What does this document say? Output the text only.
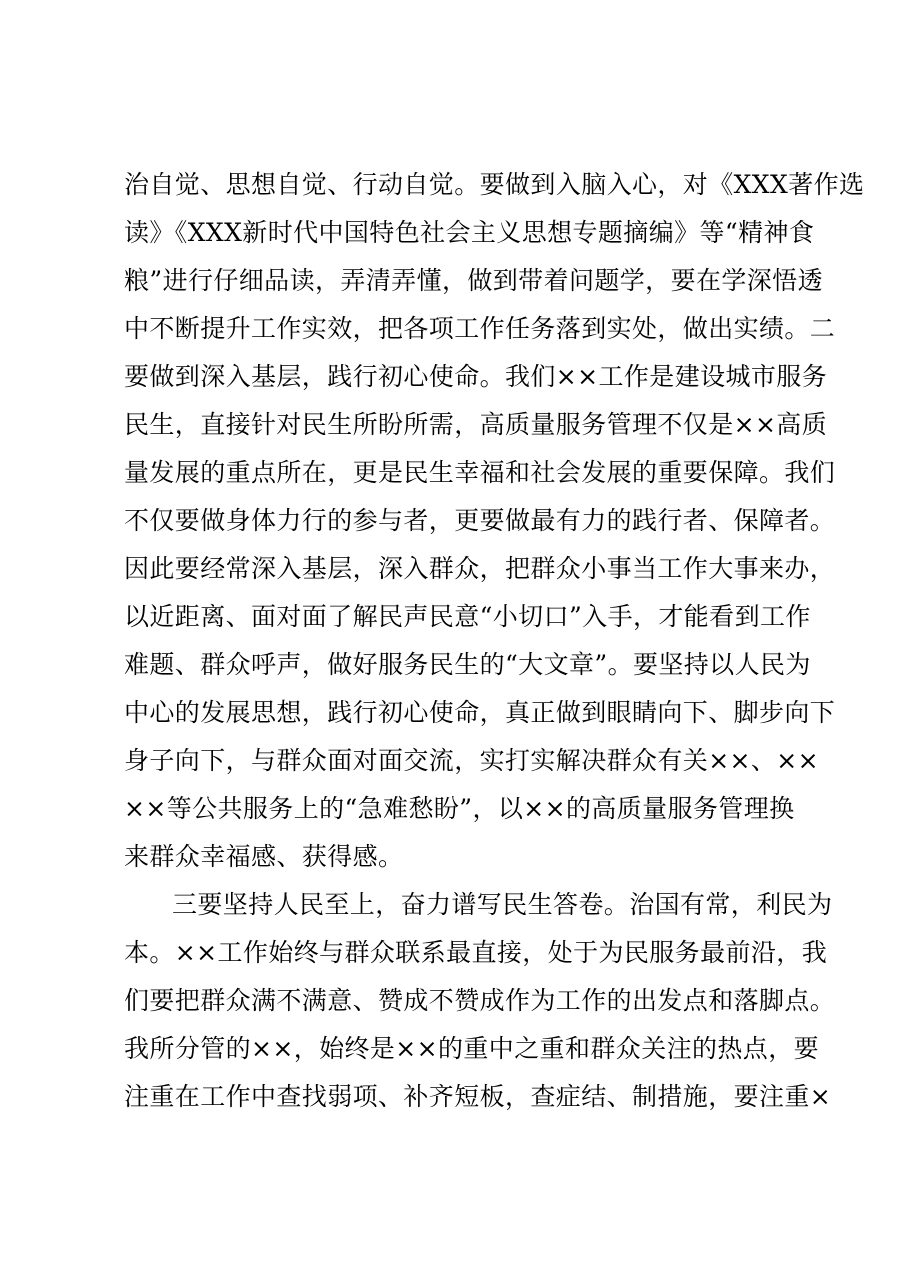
治自觉、思想自觉、行动自觉。要做到入脑入心，对《XXX著作选
读》《XXX新时代中国特色社会主义思想专题摘编》等“精神食
粮”进行仔细品读，弄清弄懂，做到带着问题学，要在学深悟透
中不断提升工作实效，把各项工作任务落到实处，做出实绩。二
要做到深入基层，践行初心使命。我们××工作是建设城市服务
民生，直接针对民生所盼所需，高质量服务管理不仅是××高质
量发展的重点所在，更是民生幸福和社会发展的重要保障。我们
不仅要做身体力行的参与者，更要做最有力的践行者、保障者。
因此要经常深入基层，深入群众，把群众小事当工作大事来办，
以近距离、面对面了解民声民意“小切口”入手，才能看到工作
难题、群众呼声，做好服务民生的“大文章”。要坚持以人民为
中心的发展思想，践行初心使命，真正做到眼睛向下、脚步向下
身子向下，与群众面对面交流，实打实解决群众有关××、××
××等公共服务上的“急难愁盼”，以××的高质量服务管理换
来群众幸福感、获得感。
三要坚持人民至上，奋力谱写民生答卷。治国有常，利民为
本。××工作始终与群众联系最直接，处于为民服务最前沿，我
们要把群众满不满意、赞成不赞成作为工作的出发点和落脚点。
我所分管的××，始终是××的重中之重和群众关注的热点，要
注重在工作中查找弱项、补齐短板，查症结、制措施，要注重×
